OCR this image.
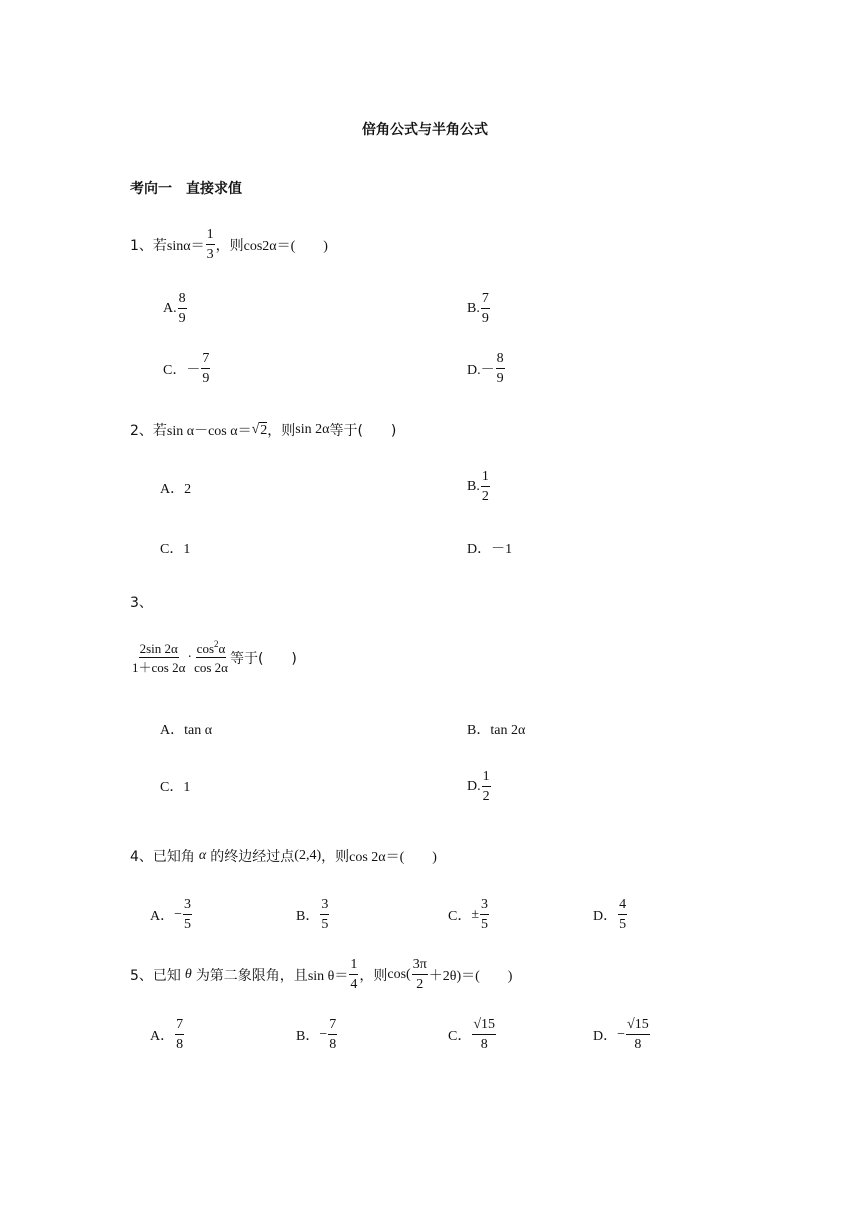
倍角公式与半角公式
考向一　直接求值
1、若 $\sin\alpha= \frac{1}{3}$ ，则 cos2α＝(　　)
A. $\frac{8}{9}$	B. $\frac{7}{9}$
C．－ $\frac{7}{9}$	$D.- \frac{8}{9}$
2、若 sin α－cos α＝ √ 2 ，则 sin 2α 等于(　　)
A．2	B. $\frac{1}{2}$
C．1	D．－1
3、
$\frac{2\sin 2\alpha}{1+\cos 2\alpha} \cdot \frac{\cos^2\alpha}{\cos 2\alpha}$ 等于(　　)
A．tan α	B．tan 2α
C．1	D. $\frac{1}{2}$
4、已知角 α 的终边经过点 (2,4) ，则 cos 2α＝(　　)
A． − $\frac{3}{5}$	B． $\frac{3}{5}$	C． ± $\frac{3}{5}$	D． $\frac{4}{5}$
5、已知 θ 为第二象限角，且 $\sin \theta= \frac{1}{4}$ ，则 $\cos( \frac{3\pi}{2} +2\theta)=$(　　)
A． $\frac{7}{8}$	B． − $\frac{7}{8}$	C． $\frac{√15}{8}$	D． − $\frac{√15}{8}$
